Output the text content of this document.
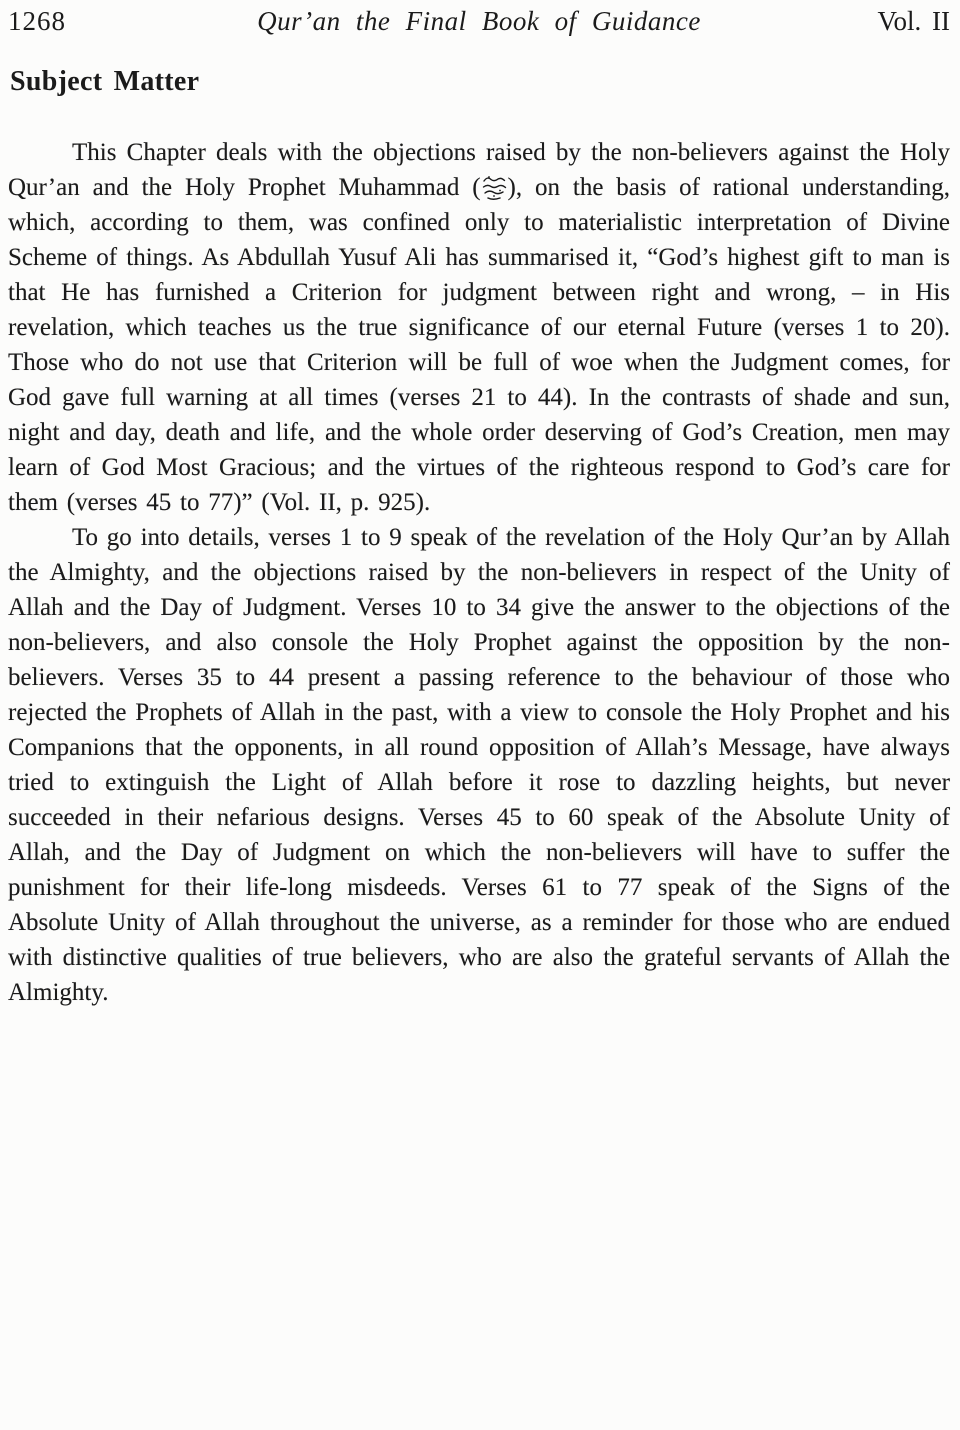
1268	Qur’an the Final Book of Guidance	Vol. II
Subject Matter

This Chapter deals with the objections raised by the non-believers against the Holy Qur’an and the Holy Prophet Muhammad ( ), on the basis of rational understanding, which, according to them, was confined only to materialistic interpretation of Divine Scheme of things. As Abdullah Yusuf Ali has summarised it, “God’s highest gift to man is that He has furnished a Criterion for judgment between right and wrong, – in His revelation, which teaches us the true significance of our eternal Future (verses 1 to 20). Those who do not use that Criterion will be full of woe when the Judgment comes, for God gave full warning at all times (verses 21 to 44). In the contrasts of shade and sun, night and day, death and life, and the whole order deserving of God’s Creation, men may learn of God Most Gracious; and the virtues of the righteous respond to God’s care for them (verses 45 to 77)” (Vol. II, p. 925).

To go into details, verses 1 to 9 speak of the revelation of the Holy Qur’an by Allah the Almighty, and the objections raised by the non-believers in respect of the Unity of Allah and the Day of Judgment. Verses 10 to 34 give the answer to the objections of the non-believers, and also console the Holy Prophet against the opposition by the non-believers. Verses 35 to 44 present a passing reference to the behaviour of those who rejected the Prophets of Allah in the past, with a view to console the Holy Prophet and his Companions that the opponents, in all round opposition of Allah’s Message, have always tried to extinguish the Light of Allah before it rose to dazzling heights, but never succeeded in their nefarious designs. Verses 45 to 60 speak of the Absolute Unity of Allah, and the Day of Judgment on which the non-believers will have to suffer the punishment for their life-long misdeeds. Verses 61 to 77 speak of the Signs of the Absolute Unity of Allah throughout the universe, as a reminder for those who are endued with distinctive qualities of true believers, who are also the grateful servants of Allah the Almighty.
